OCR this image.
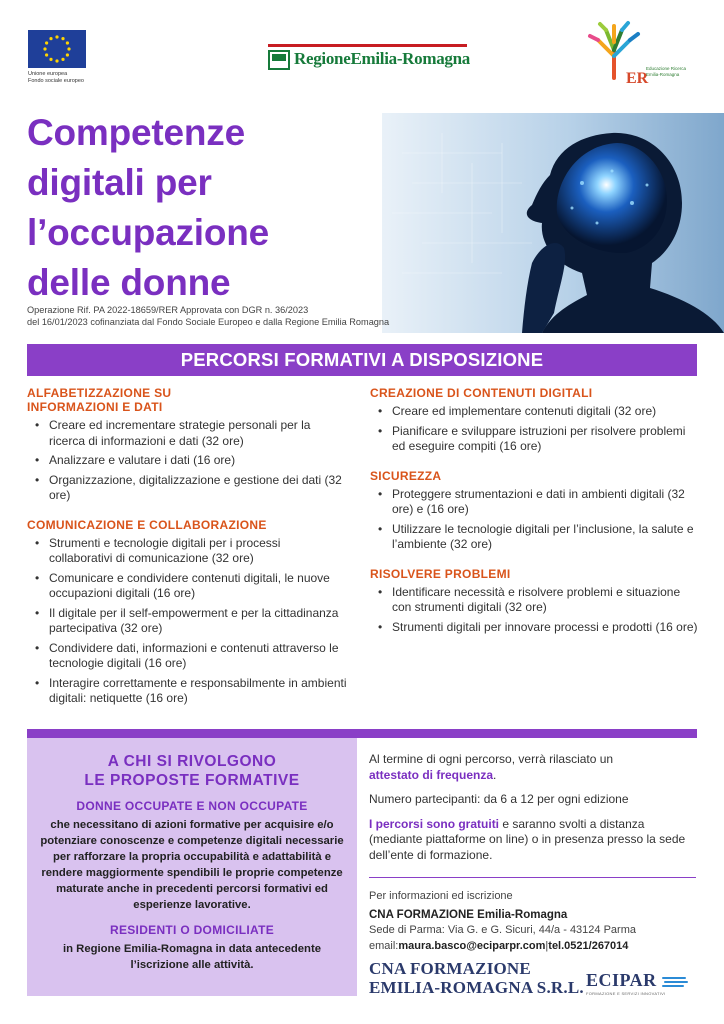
Unione europea
Fondo sociale europeo
RegioneEmilia-Romagna
ER
Educazione Ricerca Emilia-Romagna
Competenze
digitali per
l’occupazione
delle donne
Operazione Rif. PA 2022-18659/RER Approvata con DGR n. 36/2023
del 16/01/2023 cofinanziata dal Fondo Sociale Europeo e dalla Regione Emilia Romagna
PERCORSI FORMATIVI A DISPOSIZIONE
ALFABETIZZAZIONE SU
INFORMAZIONI E DATI
• Creare ed incrementare strategie personali per la ricerca di informazioni e dati (32 ore)
• Analizzare e valutare i dati (16 ore)
• Organizzazione, digitalizzazione e gestione dei dati (32 ore)
COMUNICAZIONE E COLLABORAZIONE
• Strumenti e tecnologie digitali per i processi collaborativi di comunicazione (32 ore)
• Comunicare e condividere contenuti digitali, le nuove occupazioni digitali (16 ore)
• Il digitale per il self-empowerment e per la cittadinanza partecipativa (32 ore)
• Condividere dati, informazioni e contenuti attraverso le tecnologie digitali (16 ore)
• Interagire correttamente e responsabilmente in ambienti digitali: netiquette (16 ore)
CREAZIONE DI CONTENUTI DIGITALI
• Creare ed implementare contenuti digitali (32 ore)
• Pianificare e sviluppare istruzioni per risolvere problemi ed eseguire compiti (16 ore)
SICUREZZA
• Proteggere strumentazioni e dati in ambienti digitali (32 ore) e (16 ore)
• Utilizzare le tecnologie digitali per l’inclusione, la salute e l’ambiente (32 ore)
RISOLVERE PROBLEMI
• Identificare necessità e risolvere problemi e situazione con strumenti digitali (32 ore)
• Strumenti digitali per innovare processi e prodotti (16 ore)
A CHI SI RIVOLGONO
LE PROPOSTE FORMATIVE
DONNE OCCUPATE E NON OCCUPATE
che necessitano di azioni formative per acquisire e/o potenziare conoscenze e competenze digitali necessarie per rafforzare la propria occupabilità e adattabilità e rendere maggiormente spendibili le proprie competenze maturate anche in precedenti percorsi formativi ed esperienze lavorative.
RESIDENTI O DOMICILIATE
in Regione Emilia-Romagna in data antecedente
l’iscrizione alle attività.

Al termine di ogni percorso, verrà rilasciato un
attestato di frequenza.

Numero partecipanti: da 6 a 12 per ogni edizione

I percorsi sono gratuiti e saranno svolti a distanza (mediante piattaforme on line) o in presenza presso la sede dell’ente di formazione.

Per informazioni ed iscrizione
CNA FORMAZIONE Emilia-Romagna
Sede di Parma: Via G. e G. Sicuri, 44/a - 43124 Parma
email:maura.basco@eciparpr.com|tel.0521/267014
CNA FORMAZIONE
EMILIA-ROMAGNA S.R.L. ECIPAR
FORMAZIONE E SERVIZI INNOVATIVI
